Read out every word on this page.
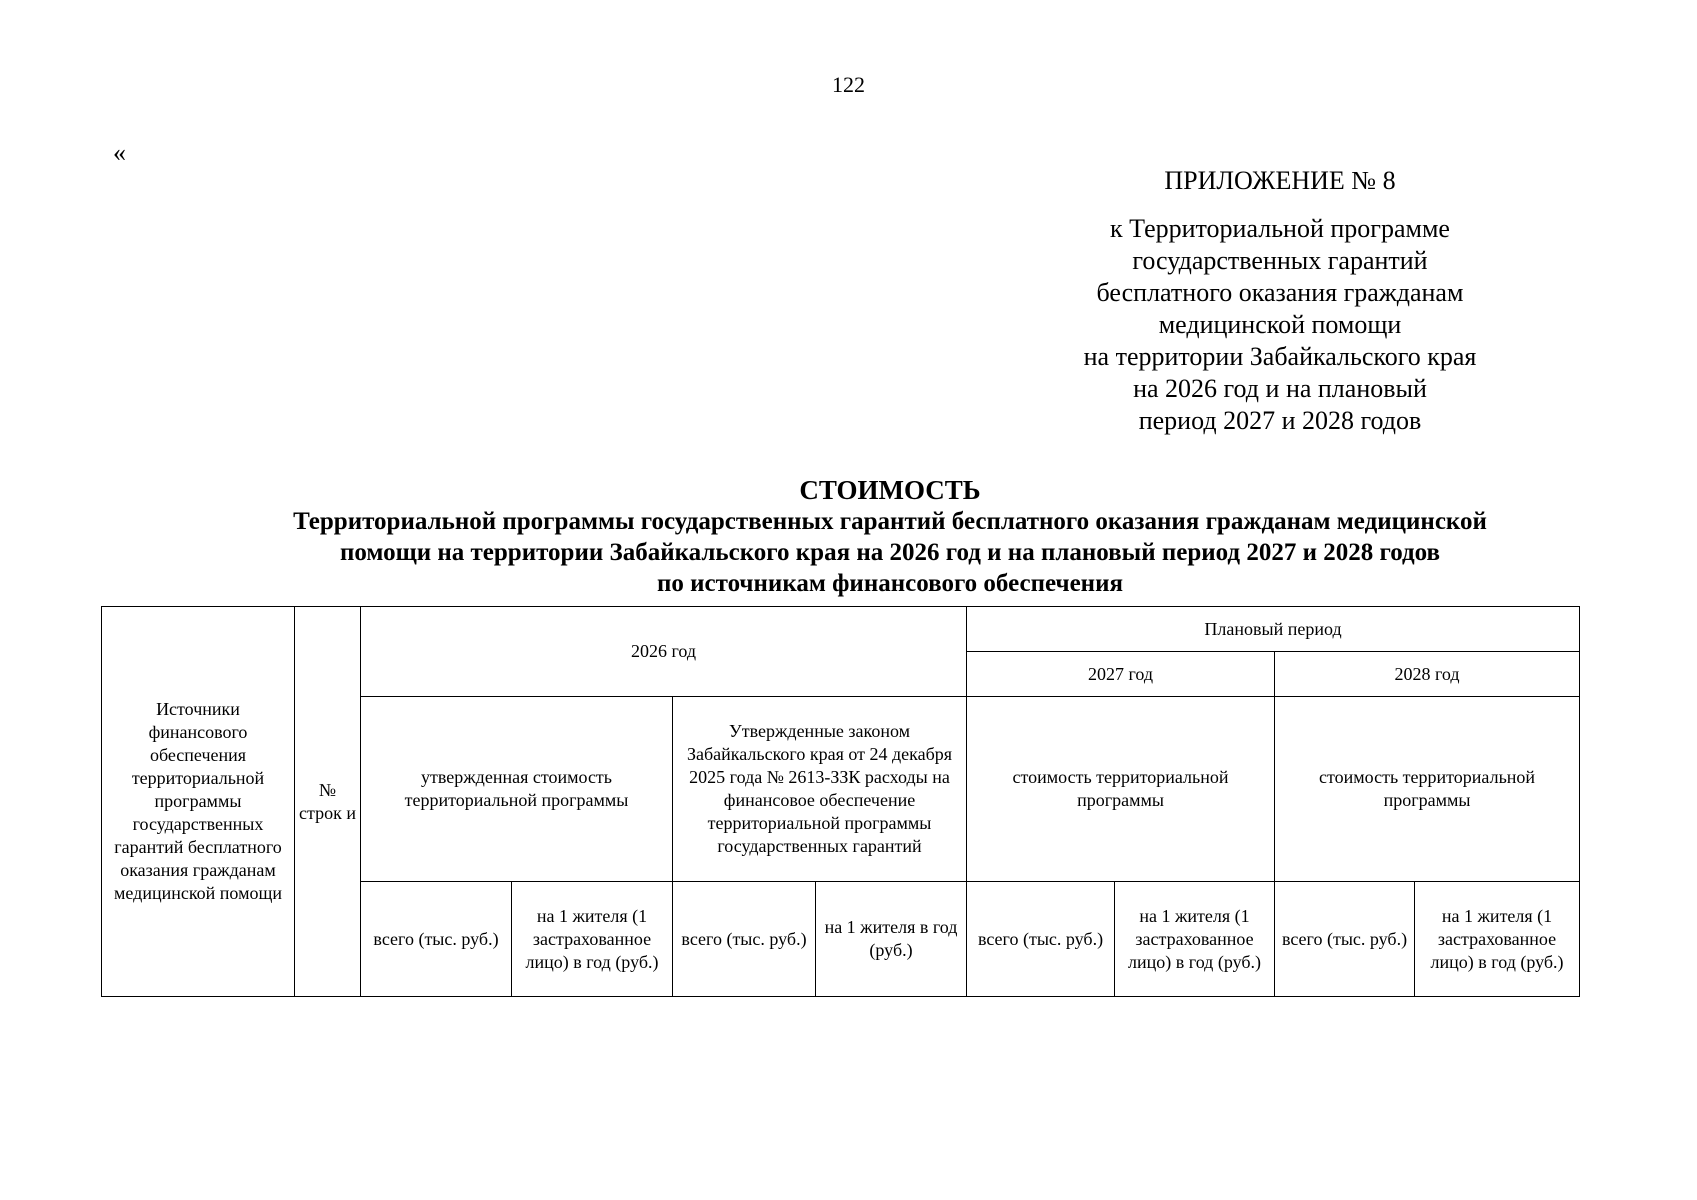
122
«
ПРИЛОЖЕНИЕ № 8
к Территориальной программе
государственных гарантий
бесплатного оказания гражданам
медицинской помощи
на территории Забайкальского края
на 2026 год и на плановый
период 2027 и 2028 годов
СТОИМОСТЬ
Территориальной программы государственных гарантий бесплатного оказания гражданам медицинской
помощи на территории Забайкальского края на 2026 год и на плановый период 2027 и 2028 годов
по источникам финансового обеспечения
Источники финансового обеспечения территориальной программы государственных гарантий бесплатного оказания гражданам медицинской помощи	№ строк и	2026 год				Плановый период			
						2027 год		2028 год	
		утвержденная стоимость территориальной программы		Утвержденные законом Забайкальского края от 24 декабря 2025 года № 2613-ЗЗК расходы на финансовое обеспечение территориальной программы государственных гарантий		стоимость территориальной программы		стоимость территориальной программы	
		всего (тыс. руб.)	на 1 жителя (1 застрахованное лицо) в год (руб.)	всего (тыс. руб.)	на 1 жителя в год (руб.)	всего (тыс. руб.)	на 1 жителя (1 застрахованное лицо) в год (руб.)	всего (тыс. руб.)	на 1 жителя (1 застрахованное лицо) в год (руб.)
